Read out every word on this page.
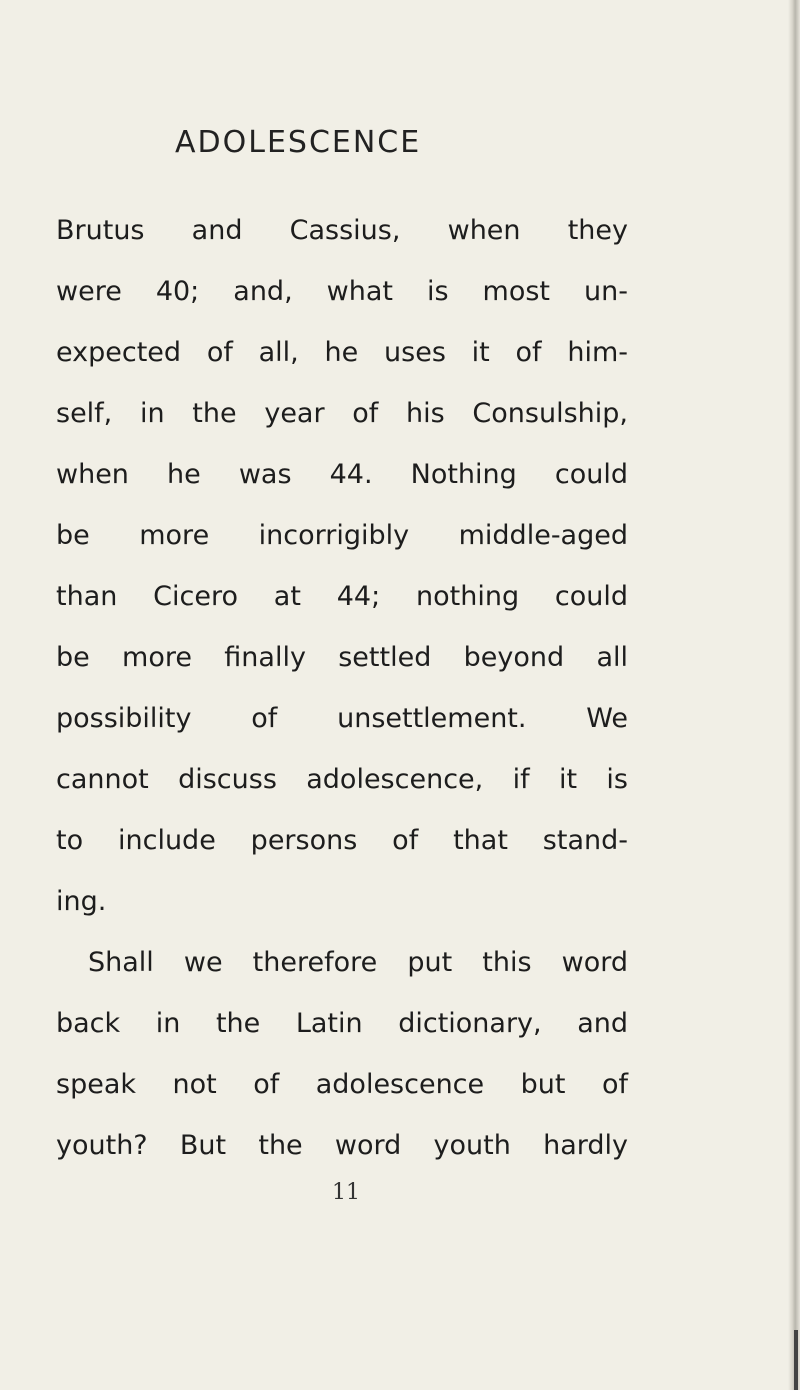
ADOLESCENCE
Brutus and Cassius, when they
were 40; and, what is most un-
expected of all, he uses it of him-
self, in the year of his Consulship,
when he was 44. Nothing could
be more incorrigibly middle-aged
than Cicero at 44; nothing could
be more finally settled beyond all
possibility of unsettlement. We
cannot discuss adolescence, if it is
to include persons of that stand-
ing.
Shall we therefore put this word
back in the Latin dictionary, and
speak not of adolescence but of
youth? But the word youth hardly
11
